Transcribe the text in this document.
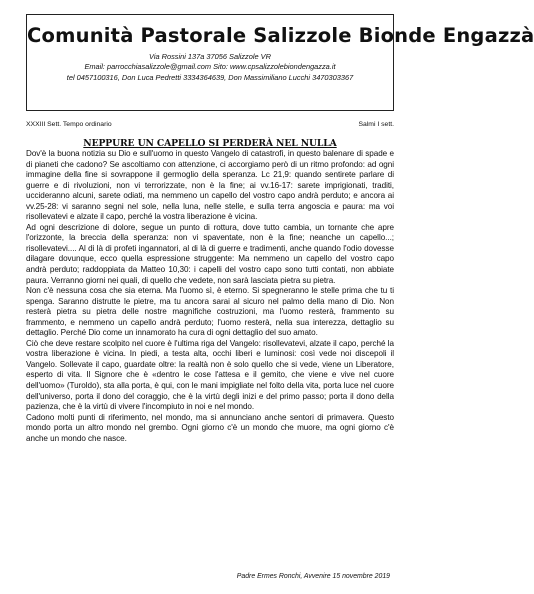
Comunità Pastorale Salizzole Bionde Engazzà
Via Rossini 137a 37056 Salizzole VR
Email: parrocchiasalizzole@gmail.com Sito: www.cpsalizzolebiondengazza.it
tel 0457100316, Don Luca Pedretti 3334364639, Don Massimiliano Lucchi 3470303367
XXXIII Sett. Tempo ordinario	Salmi I sett.
NEPPURE UN CAPELLO SI PERDERÀ NEL NULLA

Dov'è la buona notizia su Dio e sull'uomo in questo Vangelo di catastrofi, in questo balenare di spade e di pianeti che cadono? Se ascoltiamo con attenzione, ci accorgiamo però di un ritmo profondo: ad ogni immagine della fine si sovrappone il germoglio della speranza. Lc 21,9: quando sentirete parlare di guerre e di rivoluzioni, non vi terrorizzate, non è la fine; ai vv.16-17: sarete imprigionati, traditi, uccideranno alcuni, sarete odiati, ma nemmeno un capello del vostro capo andrà perduto; e ancora ai vv.25-28: vi saranno segni nel sole, nella luna, nelle stelle, e sulla terra angoscia e paura: ma voi risollevatevi e alzate il capo, perché la vostra liberazione è vicina.

Ad ogni descrizione di dolore, segue un punto di rottura, dove tutto cambia, un tornante che apre l'orizzonte, la breccia della speranza: non vi spaventate, non è la fine; neanche un capello...; risollevatevi.... Al di là di profeti ingannatori, al di là di guerre e tradimenti, anche quando l'odio dovesse dilagare dovunque, ecco quella espressione struggente: Ma nemmeno un capello del vostro capo andrà perduto; raddoppiata da Matteo 10,30: i capelli del vostro capo sono tutti contati, non abbiate paura. Verranno giorni nei quali, di quello che vedete, non sarà lasciata pietra su pietra.

Non c'è nessuna cosa che sia eterna. Ma l'uomo sì, è eterno. Si spegneranno le stelle prima che tu ti spenga. Saranno distrutte le pietre, ma tu ancora sarai al sicuro nel palmo della mano di Dio. Non resterà pietra su pietra delle nostre magnifiche costruzioni, ma l'uomo resterà, frammento su frammento, e nemmeno un capello andrà perduto; l'uomo resterà, nella sua interezza, dettaglio su dettaglio. Perché Dio come un innamorato ha cura di ogni dettaglio del suo amato.

Ciò che deve restare scolpito nel cuore è l'ultima riga del Vangelo: risollevatevi, alzate il capo, perché la vostra liberazione è vicina. In piedi, a testa alta, occhi liberi e luminosi: così vede noi discepoli il Vangelo. Sollevate il capo, guardate oltre: la realtà non è solo quello che si vede, viene un Liberatore, esperto di vita. Il Signore che è «dentro le cose l'attesa e il gemito, che viene e vive nel cuore dell'uomo» (Turoldo), sta alla porta, è qui, con le mani impigliate nel folto della vita, porta luce nel cuore dell'universo, porta il dono del coraggio, che è la virtù degli inizi e del primo passo; porta il dono della pazienza, che è la virtù di vivere l'incompiuto in noi e nel mondo.

Cadono molti punti di riferimento, nel mondo, ma si annunciano anche sentori di primavera. Questo mondo porta un altro mondo nel grembo. Ogni giorno c'è un mondo che muore, ma ogni giorno c'è anche un mondo che nasce.

Padre Ermes Ronchi, Avvenire 15 novembre 2019
